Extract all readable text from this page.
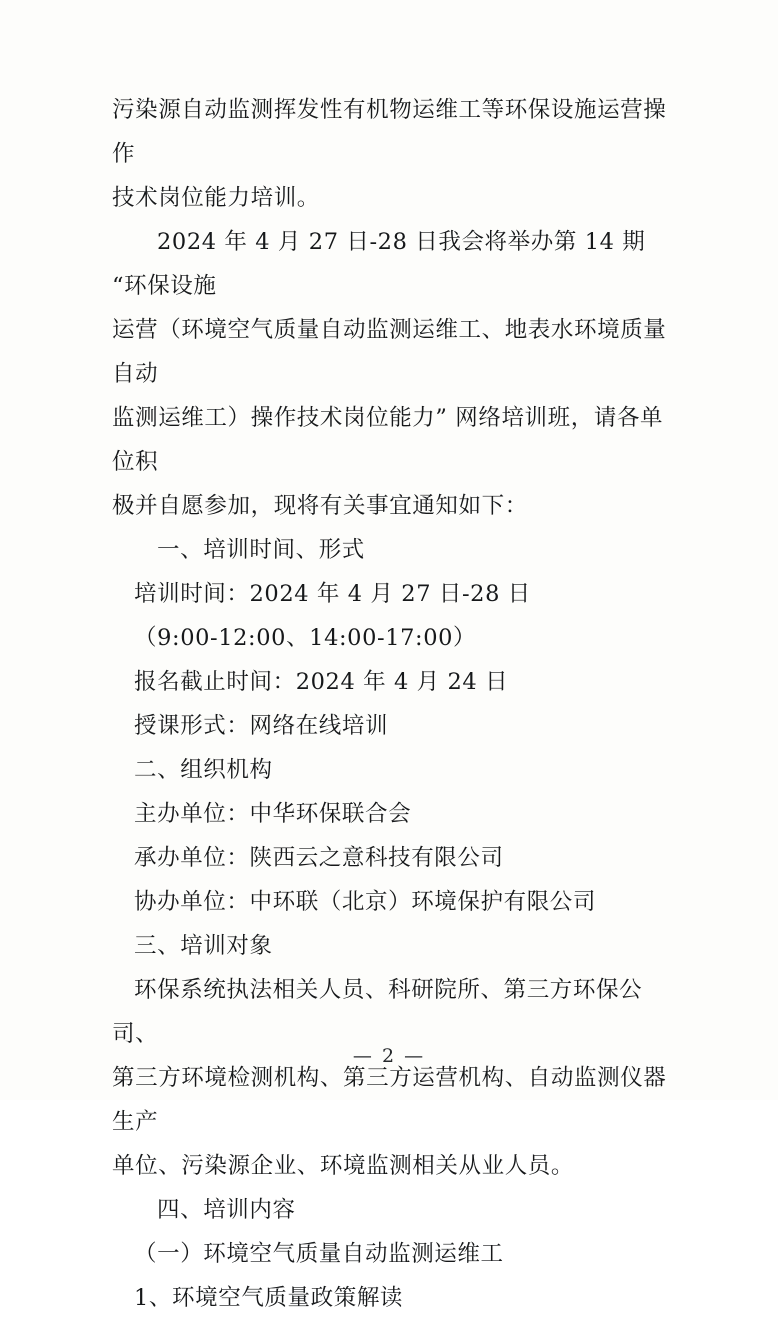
污染源自动监测挥发性有机物运维工等环保设施运营操作
技术岗位能力培训。
2024 年 4 月 27 日-28 日我会将举办第 14 期 “环保设施
运营（环境空气质量自动监测运维工、地表水环境质量自动
监测运维工）操作技术岗位能力” 网络培训班，请各单位积
极并自愿参加，现将有关事宜通知如下：
一、培训时间、形式
培训时间：2024 年 4 月 27 日-28 日
（9:00-12:00、14:00-17:00）
报名截止时间：2024 年 4 月 24 日
授课形式：网络在线培训
二、组织机构
主办单位：中华环保联合会
承办单位：陕西云之意科技有限公司
协办单位：中环联（北京）环境保护有限公司
三、培训对象
环保系统执法相关人员、科研院所、第三方环保公司、
第三方环境检测机构、第三方运营机构、自动监测仪器生产
单位、污染源企业、环境监测相关从业人员。
四、培训内容
（一）环境空气质量自动监测运维工
1、环境空气质量政策解读
— 2 —
